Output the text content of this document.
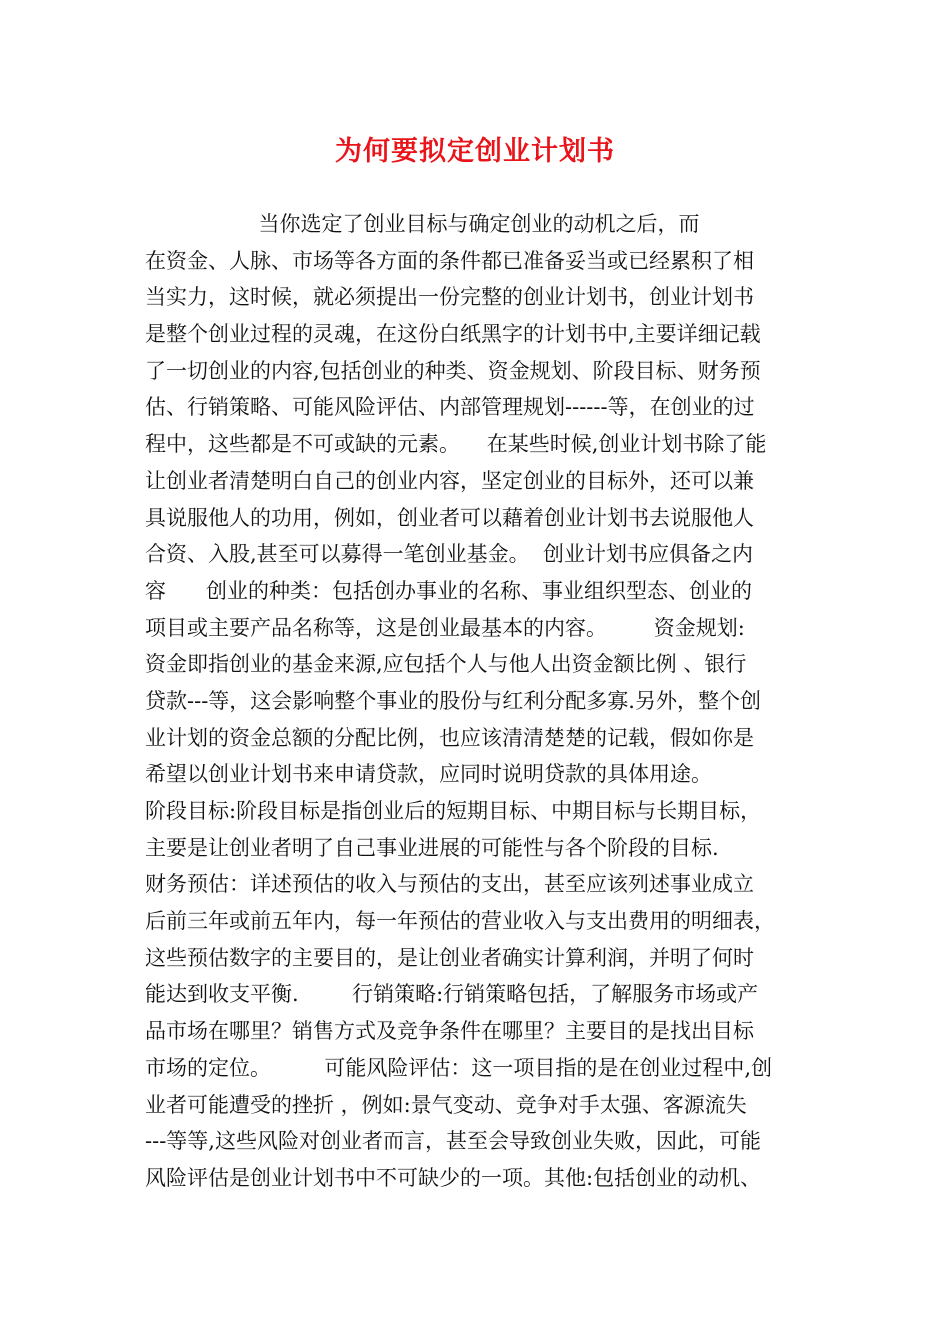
为何要拟定创业计划书
当你选定了创业目标与确定创业的动机之后，而
在资金、人脉、市场等各方面的条件都已准备妥当或已经累积了相
当实力，这时候，就必须提出一份完整的创业计划书，创业计划书
是整个创业过程的灵魂，在这份白纸黑字的计划书中,主要详细记载
了一切创业的内容,包括创业的种类、资金规划、阶段目标、财务预
估、行销策略、可能风险评估、内部管理规划------等，在创业的过
程中，这些都是不可或缺的元素。    在某些时候,创业计划书除了能
让创业者清楚明白自己的创业内容，坚定创业的目标外，还可以兼
具说服他人的功用，例如，创业者可以藉着创业计划书去说服他人
合资、入股,甚至可以募得一笔创业基金。  创业计划书应俱备之内
容      创业的种类：包括创办事业的名称、事业组织型态、创业的
项目或主要产品名称等，这是创业最基本的内容。       资金规划:
资金即指创业的基金来源,应包括个人与他人出资金额比例 、银行
贷款---等，这会影响整个事业的股份与红利分配多寡.另外，整个创
业计划的资金总额的分配比例，也应该清清楚楚的记载，假如你是
希望以创业计划书来申请贷款，应同时说明贷款的具体用途。
阶段目标:阶段目标是指创业后的短期目标、中期目标与长期目标，
主要是让创业者明了自己事业进展的可能性与各个阶段的目标.
财务预估：详述预估的收入与预估的支出，甚至应该列述事业成立
后前三年或前五年内，每一年预估的营业收入与支出费用的明细表，
这些预估数字的主要目的，是让创业者确实计算利润，并明了何时
能达到收支平衡.        行销策略:行销策略包括，了解服务市场或产
品市场在哪里？销售方式及竞争条件在哪里？主要目的是找出目标
市场的定位。        可能风险评估：这一项目指的是在创业过程中,创
业者可能遭受的挫折 ，例如:景气变动、竞争对手太强、客源流失
---等等,这些风险对创业者而言，甚至会导致创业失败，因此，可能
风险评估是创业计划书中不可缺少的一项。其他:包括创业的动机、
